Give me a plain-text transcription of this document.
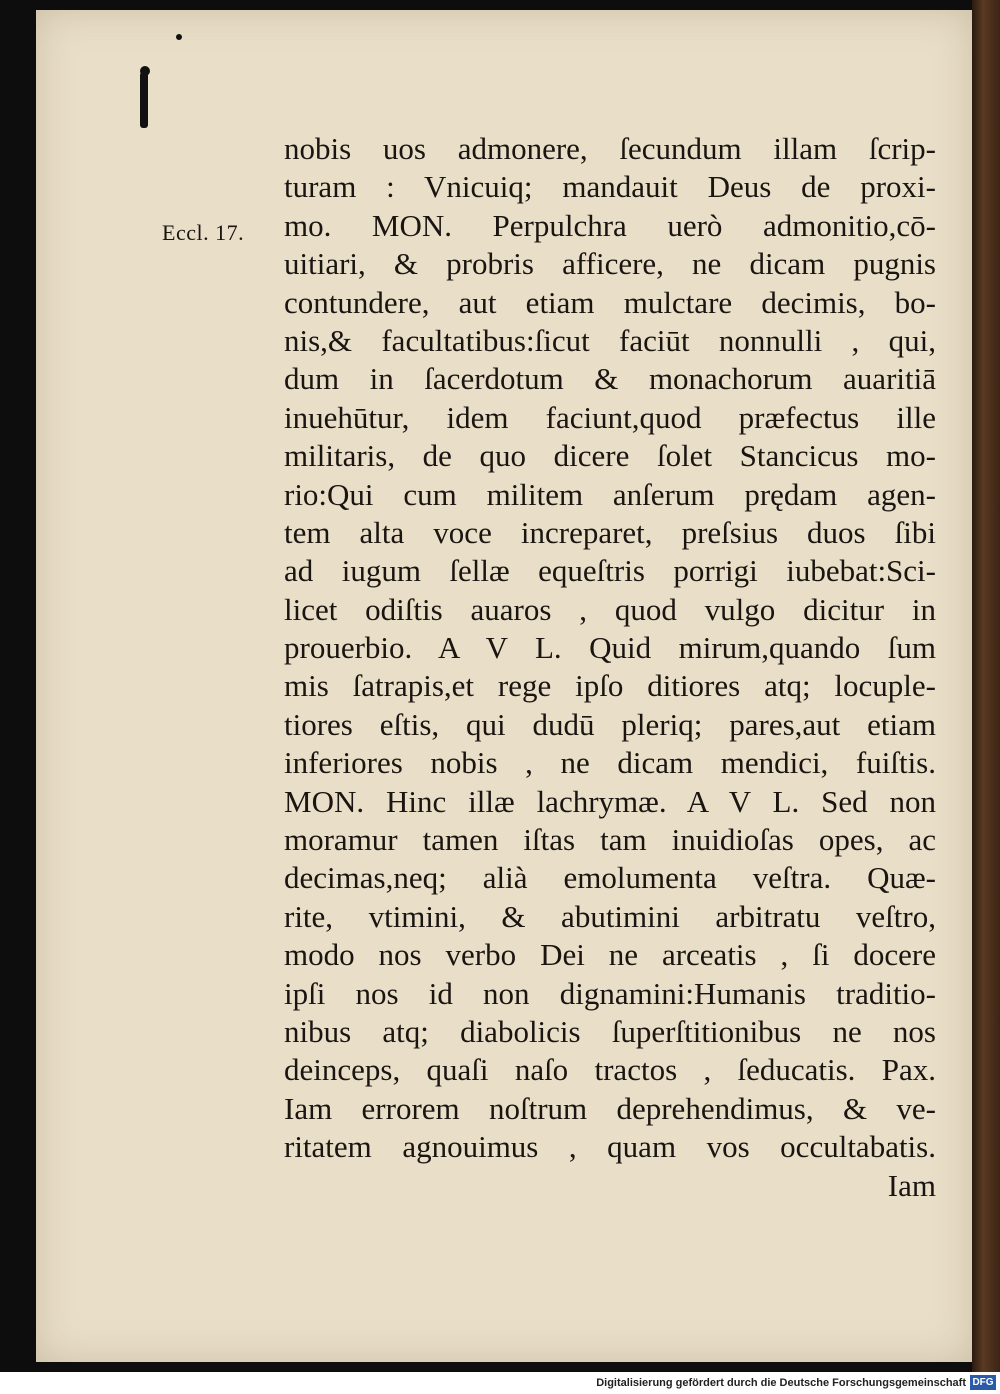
Eccl. 17.
nobis uos admonere, ſecundum illam ſcrip-
turam : Vnicuiq; mandauit Deus de proxi-
mo. MON. Perpulchra uerò admonitio,cō-
uitiari, & probris afficere, ne dicam pugnis
contundere, aut etiam mulctare decimis, bo-
nis,& facultatibus:ſicut faciūt nonnulli , qui,
dum in ſacerdotum & monachorum auaritiā
inuehūtur, idem faciunt,quod præfectus ille
militaris, de quo dicere ſolet Stancicus mo-
rio:Qui cum militem anſerum prędam agen-
tem alta voce increparet, preſsius duos ſibi
ad iugum ſellæ equeſtris porrigi iubebat:Sci-
licet odiſtis auaros , quod vulgo dicitur in
prouerbio. A V L. Quid mirum,quando ſum
mis ſatrapis,et rege ipſo ditiores atq; locuple-
tiores eſtis, qui dudū pleriq; pares,aut etiam
inferiores nobis , ne dicam mendici, fuiſtis.
MON. Hinc illæ lachrymæ. A V L. Sed non
moramur tamen iſtas tam inuidioſas opes, ac
decimas,neq; alià emolumenta veſtra. Quæ-
rite, vtimini, & abutimini arbitratu veſtro,
modo nos verbo Dei ne arceatis , ſi docere
ipſi nos id non dignamini:Humanis traditio-
nibus atq; diabolicis ſuperſtitionibus ne nos
deinceps, quaſi naſo tractos , ſeducatis. Pax.
Iam errorem noſtrum deprehendimus, & ve-
ritatem agnouimus , quam vos occultabatis.
Iam
Digitalisierung gefördert durch die Deutsche Forschungsgemeinschaft DFG
